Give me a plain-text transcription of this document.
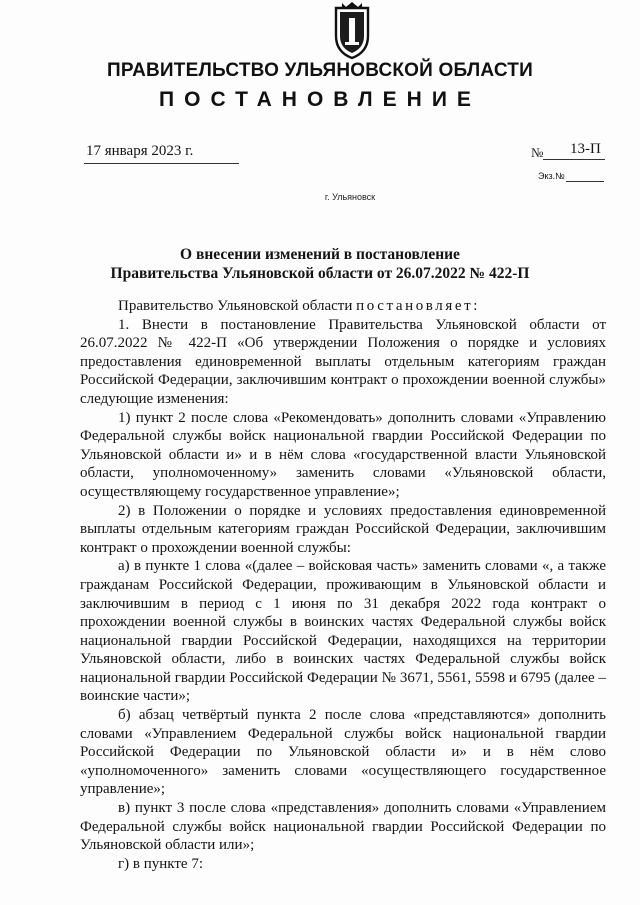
ПРАВИТЕЛЬСТВО УЛЬЯНОВСКОЙ ОБЛАСТИ
ПОСТАНОВЛЕНИЕ
17 января 2023 г.	№ 13-П
Экз.№
г. Ульяновск
О внесении изменений в постановление
Правительства Ульяновской области от 26.07.2022 № 422-П

Правительство Ульяновской области постановляет:

1. Внести в постановление Правительства Ульяновской области от 26.07.2022 № 422-П «Об утверждении Положения о порядке и условиях предоставления единовременной выплаты отдельным категориям граждан Российской Федерации, заключившим контракт о прохождении военной службы» следующие изменения:

1) пункт 2 после слова «Рекомендовать» дополнить словами «Управлению Федеральной службы войск национальной гвардии Российской Федерации по Ульяновской области и» и в нём слова «государственной власти Ульяновской области, уполномоченному» заменить словами «Ульяновской области, осуществляющему государственное управление»;

2) в Положении о порядке и условиях предоставления единовременной выплаты отдельным категориям граждан Российской Федерации, заключившим контракт о прохождении военной службы:

а) в пункте 1 слова «(далее – войсковая часть» заменить словами «, а также гражданам Российской Федерации, проживающим в Ульяновской области и заключившим в период с 1 июня по 31 декабря 2022 года контракт о прохождении военной службы в воинских частях Федеральной службы войск национальной гвардии Российской Федерации, находящихся на территории Ульяновской области, либо в воинских частях Федеральной службы войск национальной гвардии Российской Федерации № 3671, 5561, 5598 и 6795 (далее – воинские части»;

б) абзац четвёртый пункта 2 после слова «представляются» дополнить словами «Управлением Федеральной службы войск национальной гвардии Российской Федерации по Ульяновской области и» и в нём слово «уполномоченного» заменить словами «осуществляющего государственное управление»;

в) пункт 3 после слова «представления» дополнить словами «Управлением Федеральной службы войск национальной гвардии Российской Федерации по Ульяновской области или»;

г) в пункте 7:
